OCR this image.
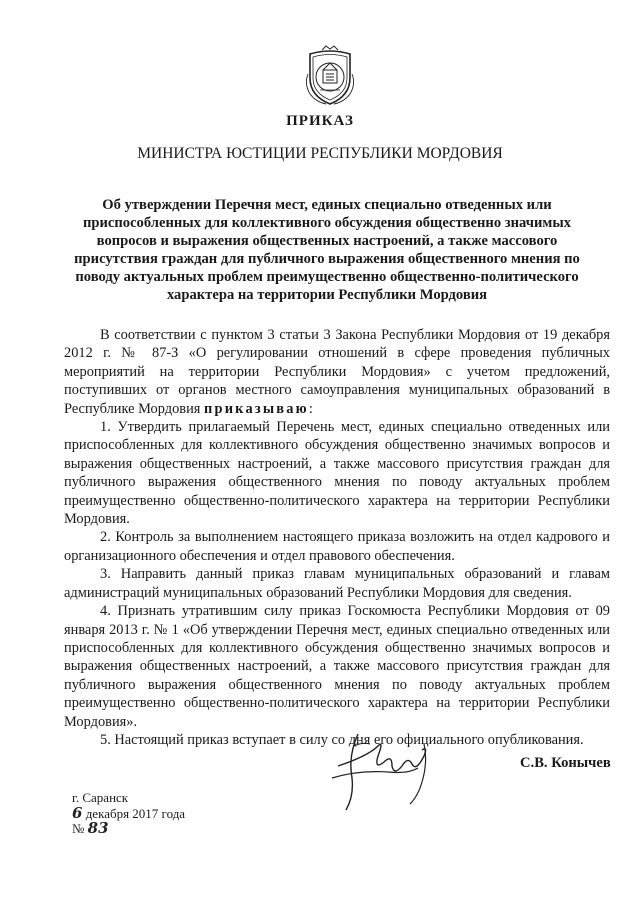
ПРИКАЗ
МИНИСТРА ЮСТИЦИИ РЕСПУБЛИКИ МОРДОВИЯ
Об утверждении Перечня мест, единых специально отведенных или приспособленных для коллективного обсуждения общественно значимых вопросов и выражения общественных настроений, а также массового присутствия граждан для публичного выражения общественного мнения по поводу актуальных проблем преимущественно общественно-политического характера на территории Республики Мордовия

В соответствии с пунктом 3 статьи 3 Закона Республики Мордовия от 19 декабря 2012 г. № 87-З «О регулировании отношений в сфере проведения публичных мероприятий на территории Республики Мордовия» с учетом предложений, поступивших от органов местного самоуправления муниципальных образований в Республике Мордовия приказываю:

1. Утвердить прилагаемый Перечень мест, единых специально отведенных или приспособленных для коллективного обсуждения общественно значимых вопросов и выражения общественных настроений, а также массового присутствия граждан для публичного выражения общественного мнения по поводу актуальных проблем преимущественно общественно-политического характера на территории Республики Мордовия.

2. Контроль за выполнением настоящего приказа возложить на отдел кадрового и организационного обеспечения и отдел правового обеспечения.

3. Направить данный приказ главам муниципальных образований и главам администраций муниципальных образований Республики Мордовия для сведения.

4. Признать утратившим силу приказ Госкомюста Республики Мордовия от 09 января 2013 г. № 1 «Об утверждении Перечня мест, единых специально отведенных или приспособленных для коллективного обсуждения общественно значимых вопросов и выражения общественных настроений, а также массового присутствия граждан для публичного выражения общественного мнения по поводу актуальных проблем преимущественно общественно-политического характера на территории Республики Мордовия».

5. Настоящий приказ вступает в силу со дня его официального опубликования.

С.В. Конычев
г. Саранск
6 декабря 2017 года
№ 83
